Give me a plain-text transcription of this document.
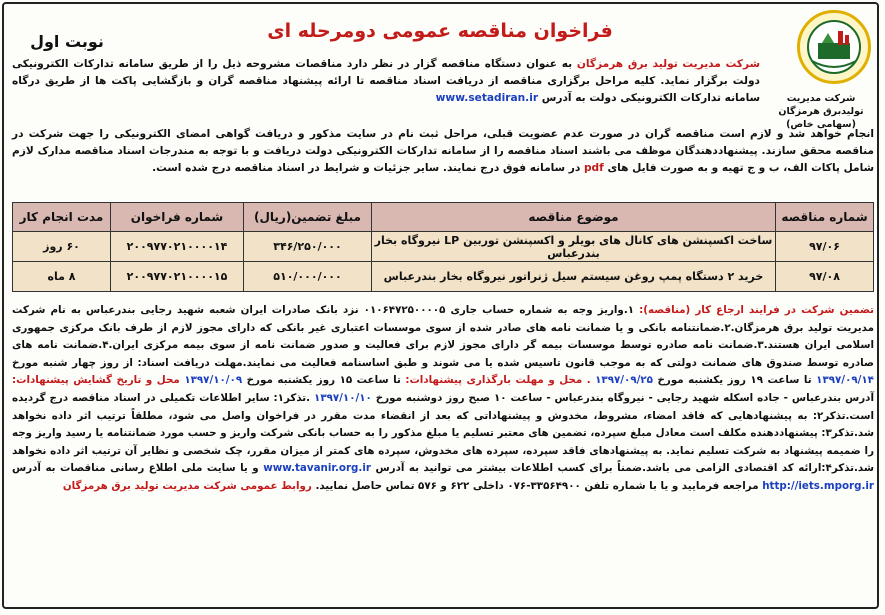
شرکت مدیریت تولیدبرق هرمزگان
(سهامی خاص)
فراخوان مناقصه عمومی دومرحله ای
نوبت اول
شرکت مدیریت تولید برق هرمزگان به عنوان دستگاه مناقصه گزار در نظر دارد مناقصات مشروحه ذیل را از طریق سامانه تدارکات الکترونیکی دولت برگزار نماید. کلیه مراحل برگزاری مناقصه از دریافت اسناد مناقصه تا ارائه پیشنهاد مناقصه گران و بازگشایی پاکت ها از طریق درگاه سامانه تدارکات الکترونیکی دولت به آدرس www.setadiran.ir
انجام خواهد شد و لازم است مناقصه گران در صورت عدم عضویت قبلی، مراحل ثبت نام در سایت مذکور و دریافت گواهی امضای الکترونیکی را جهت شرکت در مناقصه محقق سازند. پیشنهاددهندگان موظف می باشند اسناد مناقصه را از سامانه تدارکات الکترونیکی دولت دریافت و با توجه به مندرجات اسناد مناقصه مدارک لازم شامل پاکات الف، ب و ج تهیه و به صورت فایل های pdf در سامانه فوق درج نمایند. سایر جزئیات و شرایط در اسناد مناقصه درج شده است.
شماره مناقصه	موضوع مناقصه	مبلغ تضمین(ریال)	شماره فراخوان	مدت انجام کار
۹۷/۰۶	ساخت اکسپنشن های کانال های بویلر و اکسپنشن توربین LP نیروگاه بخار بندرعباس	۳۴۶/۲۵۰/۰۰۰	۲۰۰۹۷۷۰۲۱۰۰۰۰۱۴	۶۰ روز
۹۷/۰۸	خرید ۲ دستگاه پمپ روغن سیستم سیل ژنراتور نیروگاه بخار بندرعباس	۵۱۰/۰۰۰/۰۰۰	۲۰۰۹۷۷۰۲۱۰۰۰۰۱۵	۸ ماه
تضمین شرکت در فرایند ارجاع کار (مناقصه): ۱.واریز وجه به شماره حساب جاری ۰۱۰۶۴۷۲۵۰۰۰۰۵ نزد بانک صادرات ایران شعبه شهید رجایی بندرعباس به نام شرکت مدیریت تولید برق هرمزگان.۲.ضمانتنامه بانکی و یا ضمانت نامه های صادر شده از سوی موسسات اعتباری غیر بانکی که دارای مجوز لازم از طرف بانک مرکزی جمهوری اسلامی ایران هستند.۳.ضمانت نامه صادره توسط موسسات بیمه گر دارای مجوز لازم برای فعالیت و صدور ضمانت نامه از سوی بیمه مرکزی ایران.۴.ضمانت نامه های صادره توسط صندوق های ضمانت دولتی که به موجب قانون تاسیس شده یا می شوند و طبق اساسنامه فعالیت می نمایند.مهلت دریافت اسناد: از روز چهار شنبه مورخ ۱۳۹۷/۰۹/۱۴ تا ساعت ۱۹ روز یکشنبه مورخ ۱۳۹۷/۰۹/۲۵ . محل و مهلت بارگذاری پیشنهادات: تا ساعت ۱۵ روز یکشنبه مورخ ۱۳۹۷/۱۰/۰۹ محل و تاریخ گشایش پیشنهادات: آدرس بندرعباس - جاده اسکله شهید رجایی - نیروگاه بندرعباس - ساعت ۱۰ صبح روز دوشنبه مورخ ۱۳۹۷/۱۰/۱۰ .تذکر۱: سایر اطلاعات تکمیلی در اسناد مناقصه درج گردیده است.تذکر۲: به پیشنهادهایی که فاقد امضاء، مشروط، مخدوش و پیشنهاداتی که بعد از انقضاء مدت مقرر در فراخوان واصل می شود، مطلقاً ترتیب اثر داده نخواهد شد.تذکر۳: پیشنهاددهنده مکلف است معادل مبلغ سپرده، تضمین های معتبر تسلیم یا مبلغ مذکور را به حساب بانکی شرکت واریز و حسب مورد ضمانتنامه یا رسید واریز وجه را ضمیمه پیشنهاد به شرکت تسلیم نماید. به پیشنهادهای فاقد سپرده، سپرده های مخدوش، سپرده های کمتر از میزان مقرر، چک شخصی و نظایر آن ترتیب اثر داده نخواهد شد.تذکر۴:ارائه کد اقتصادی الزامی می باشد.ضمناً برای کسب اطلاعات بیشتر می توانید به آدرس www.tavanir.org.ir و یا سایت ملی اطلاع رسانی مناقصات به آدرس http://iets.mporg.ir مراجعه فرمایید و یا با شماره تلفن ۳۳۵۶۴۹۰۰-۰۷۶ داخلی ۶۲۲ و ۵۷۶ تماس حاصل نمایید. روابط عمومی شرکت مدیریت تولید برق هرمزگان
